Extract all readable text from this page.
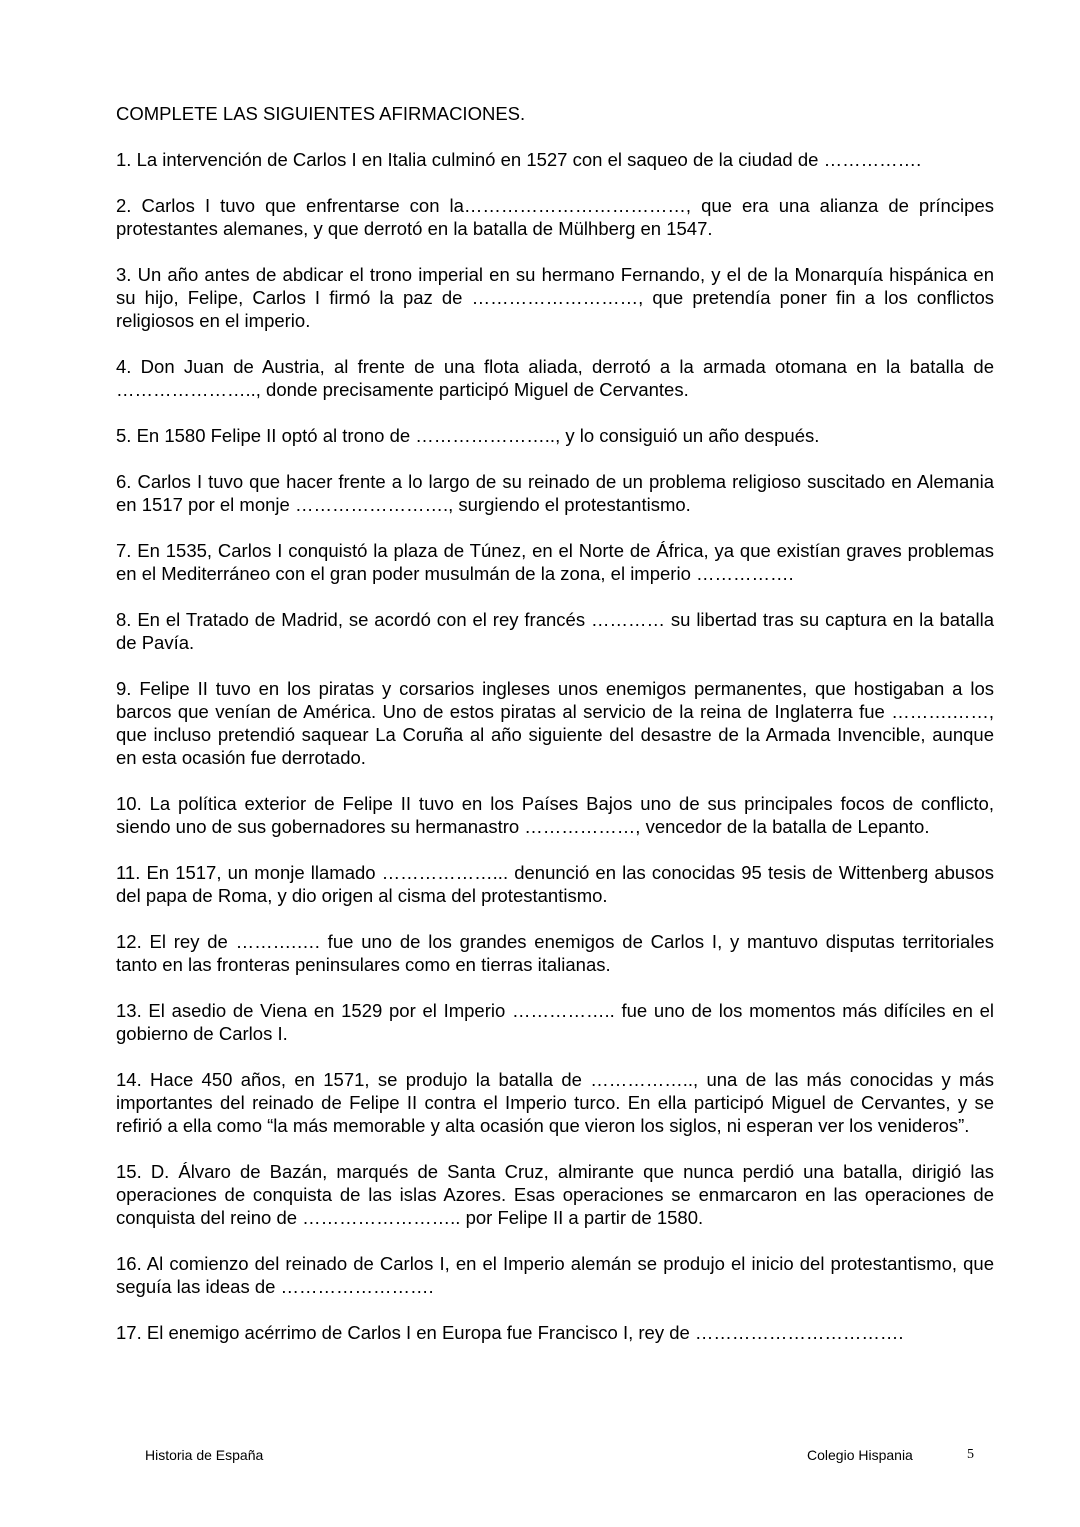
COMPLETE LAS SIGUIENTES AFIRMACIONES.
1. La intervención de Carlos I en Italia culminó en 1527 con el saqueo de la ciudad de …………….
2. Carlos I tuvo que enfrentarse con la………………………………, que era una alianza de príncipes protestantes alemanes, y que derrotó en la batalla de Mülhberg en 1547.
3. Un año antes de abdicar el trono imperial en su hermano Fernando, y el de la Monarquía hispánica en su hijo, Felipe, Carlos I firmó la paz de ………………………, que pretendía poner fin a los conflictos religiosos en el imperio.
4. Don Juan de Austria, al frente de una flota aliada, derrotó a la armada otomana en la batalla de ………………….., donde precisamente participó Miguel de Cervantes.
5. En 1580 Felipe II optó al trono de ………………….., y lo consiguió un año después.
6. Carlos I tuvo que hacer frente a lo largo de su reinado de un problema religioso suscitado en Alemania en 1517 por el monje ……………………., surgiendo el protestantismo.
7. En 1535, Carlos I conquistó la plaza de Túnez, en el Norte de África, ya que existían graves problemas en el Mediterráneo con el gran poder musulmán de la zona, el imperio …………….
8. En el Tratado de Madrid, se acordó con el rey francés ………… su libertad tras su captura en la batalla de Pavía.
9. Felipe II tuvo en los piratas y corsarios ingleses unos enemigos permanentes, que hostigaban a los barcos que venían de América. Uno de estos piratas al servicio de la reina de Inglaterra fue ……….……, que incluso pretendió saquear La Coruña al año siguiente del desastre de la Armada Invencible, aunque en esta ocasión fue derrotado.
10. La política exterior de Felipe II tuvo en los Países Bajos uno de sus principales focos de conflicto, siendo uno de sus gobernadores su hermanastro ………………, vencedor de la batalla de Lepanto.
11. En 1517, un monje llamado ………………... denunció en las conocidas 95 tesis de Wittenberg abusos del papa de Roma, y dio origen al cisma del protestantismo.
12. El rey de ……….…. fue uno de los grandes enemigos de Carlos I, y mantuvo disputas territoriales tanto en las fronteras peninsulares como en tierras italianas.
13. El asedio de Viena en 1529 por el Imperio …………….. fue uno de los momentos más difíciles en el gobierno de Carlos I.
14. Hace 450 años, en 1571, se produjo la batalla de …………….., una de las más conocidas y más importantes del reinado de Felipe II contra el Imperio turco. En ella participó Miguel de Cervantes, y se refirió a ella como “la más memorable y alta ocasión que vieron los siglos, ni esperan ver los venideros”.
15. D. Álvaro de Bazán, marqués de Santa Cruz, almirante que nunca perdió una batalla, dirigió las operaciones de conquista de las islas Azores. Esas operaciones se enmarcaron en las operaciones de conquista del reino de …………………….. por Felipe II a partir de 1580.
16. Al comienzo del reinado de Carlos I, en el Imperio alemán se produjo el inicio del protestantismo, que seguía las ideas de …………………….
17. El enemigo acérrimo de Carlos I en Europa fue Francisco I, rey de …………………………….
Historia de España	Colegio Hispania	5
